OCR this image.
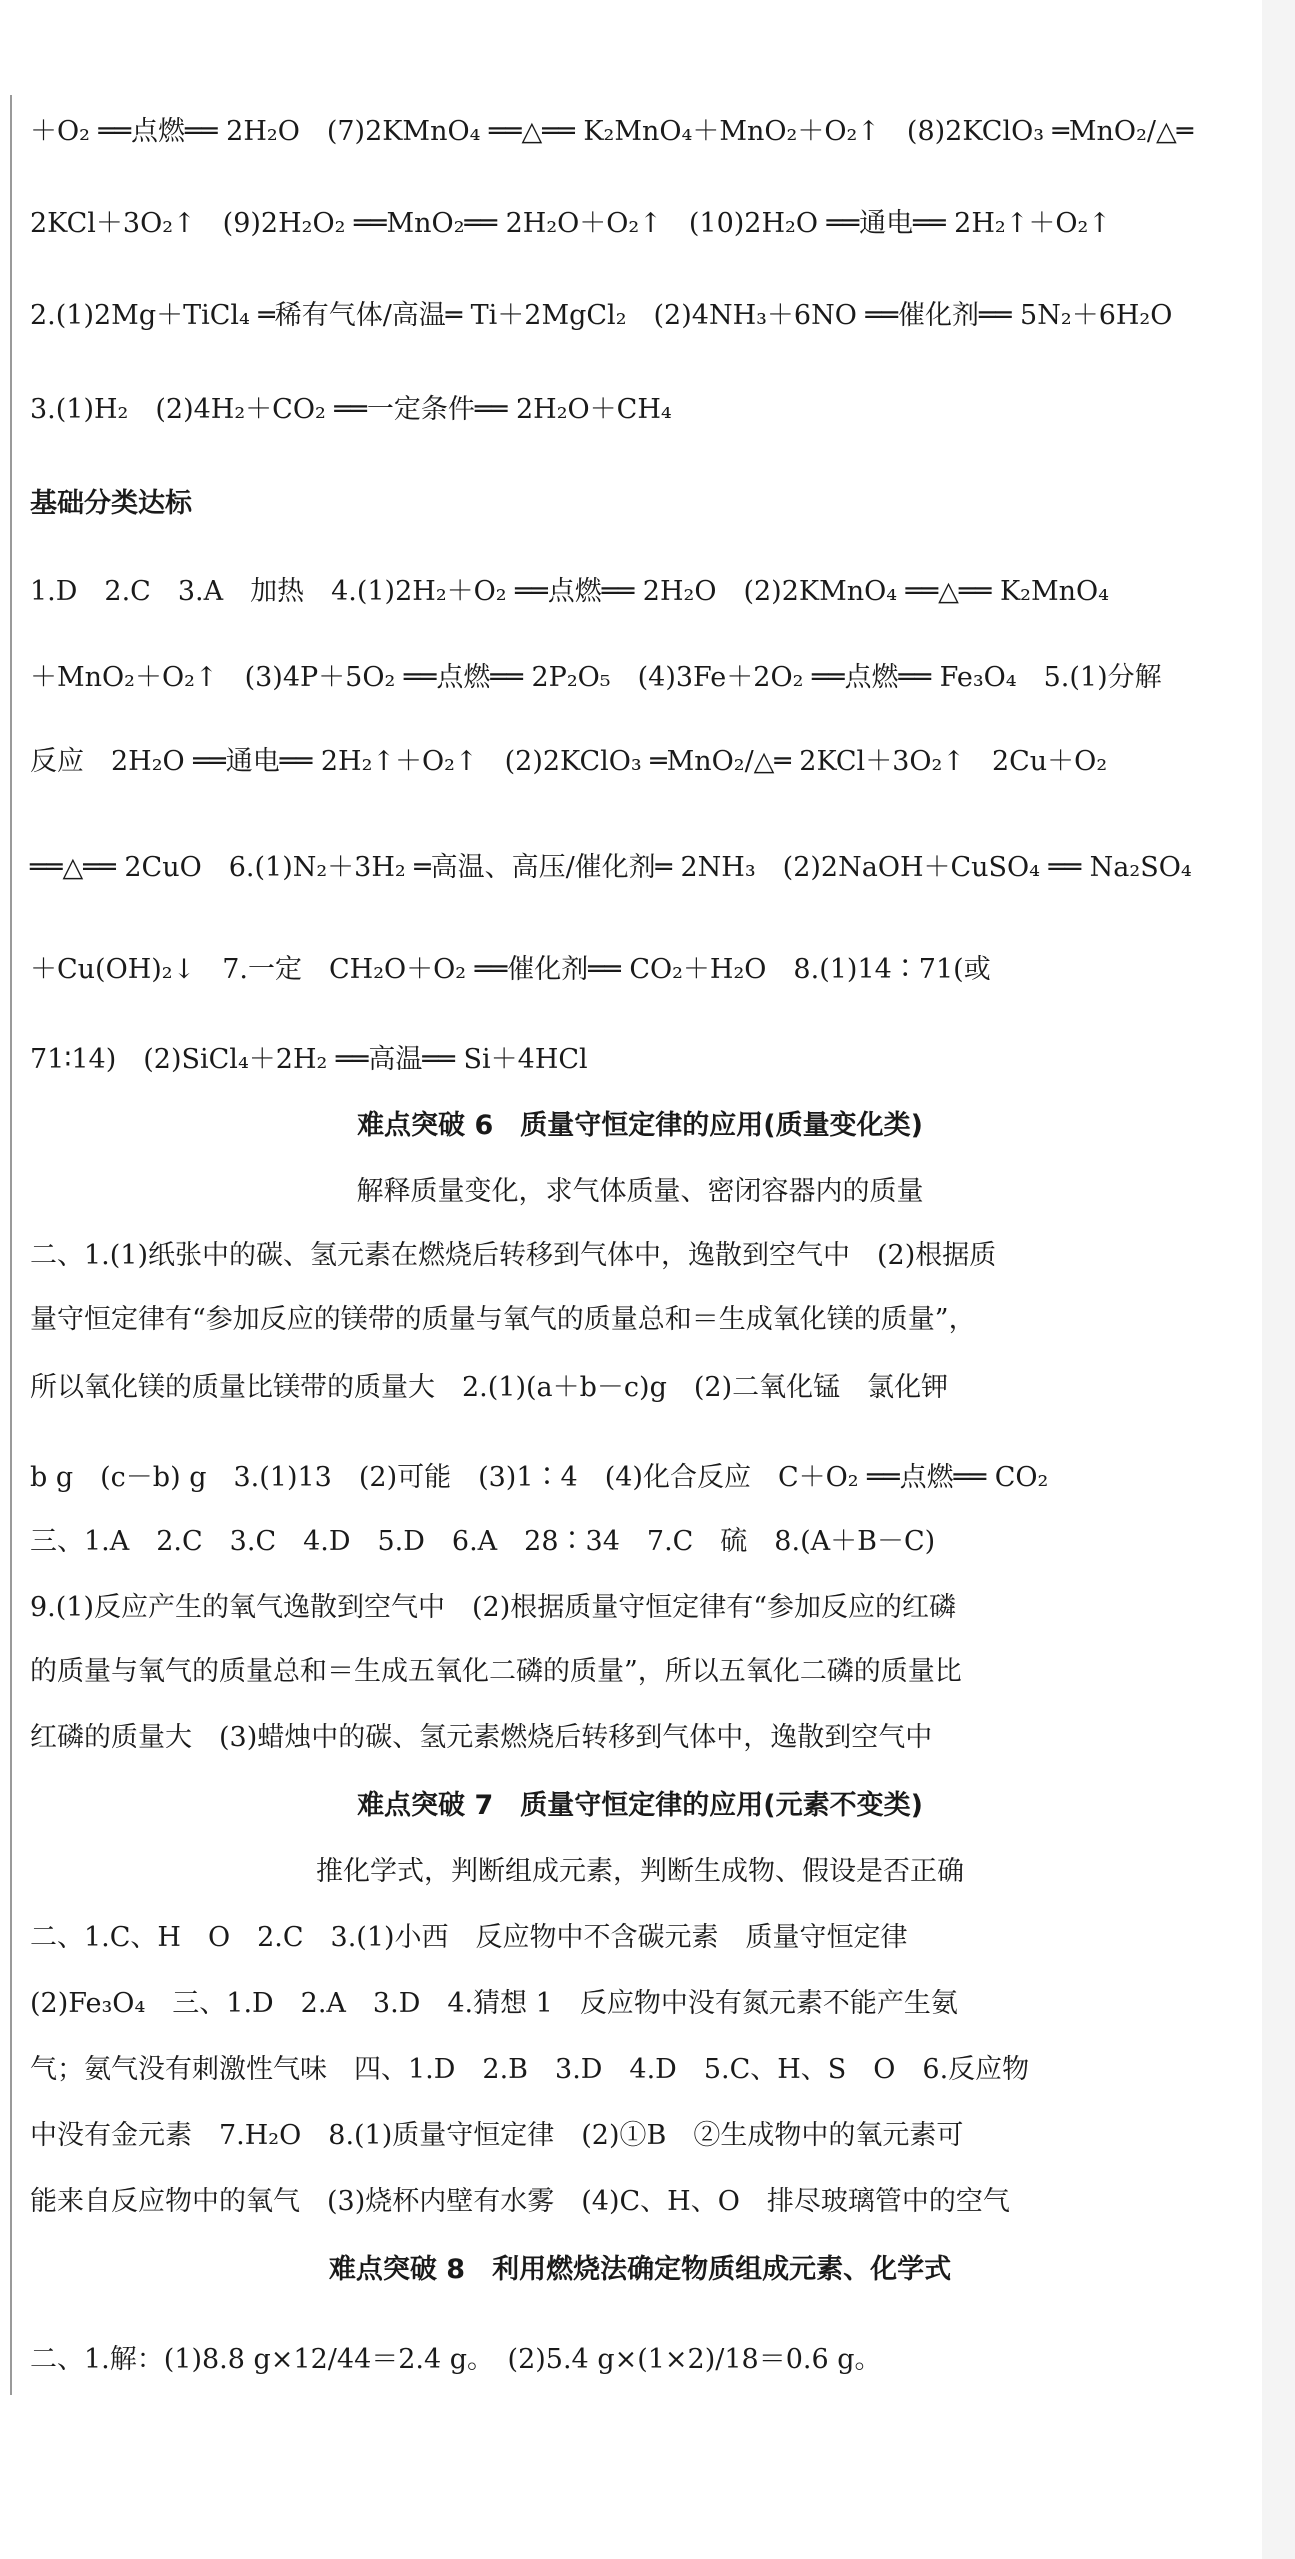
＋O₂ ══点燃══ 2H₂O　(7)2KMnO₄ ══△══ K₂MnO₄＋MnO₂＋O₂↑　(8)2KClO₃ ═MnO₂/△═
2KCl＋3O₂↑　(9)2H₂O₂ ══MnO₂══ 2H₂O＋O₂↑　(10)2H₂O ══通电══ 2H₂↑＋O₂↑
2.(1)2Mg＋TiCl₄ ═稀有气体/高温═ Ti＋2MgCl₂　(2)4NH₃＋6NO ══催化剂══ 5N₂＋6H₂O
3.(1)H₂　(2)4H₂＋CO₂ ══一定条件══ 2H₂O＋CH₄
基础分类达标
1.D　2.C　3.A　加热　4.(1)2H₂＋O₂ ══点燃══ 2H₂O　(2)2KMnO₄ ══△══ K₂MnO₄
＋MnO₂＋O₂↑　(3)4P＋5O₂ ══点燃══ 2P₂O₅　(4)3Fe＋2O₂ ══点燃══ Fe₃O₄　5.(1)分解
反应　2H₂O ══通电══ 2H₂↑＋O₂↑　(2)2KClO₃ ═MnO₂/△═ 2KCl＋3O₂↑　2Cu＋O₂
══△══ 2CuO　6.(1)N₂＋3H₂ ═高温、高压/催化剂═ 2NH₃　(2)2NaOH＋CuSO₄ ══ Na₂SO₄
＋Cu(OH)₂↓　7.一定　CH₂O＋O₂ ══催化剂══ CO₂＋H₂O　8.(1)14∶71(或
71∶14)　(2)SiCl₄＋2H₂ ══高温══ Si＋4HCl
难点突破 6　质量守恒定律的应用(质量变化类)
解释质量变化，求气体质量、密闭容器内的质量
二、1.(1)纸张中的碳、氢元素在燃烧后转移到气体中，逸散到空气中　(2)根据质
量守恒定律有“参加反应的镁带的质量与氧气的质量总和＝生成氧化镁的质量”，
所以氧化镁的质量比镁带的质量大　2.(1)(a＋b－c)g　(2)二氧化锰　氯化钾
b g　(c－b) g　3.(1)13　(2)可能　(3)1∶4　(4)化合反应　C＋O₂ ══点燃══ CO₂
三、1.A　2.C　3.C　4.D　5.D　6.A　28∶34　7.C　硫　8.(A＋B－C)
9.(1)反应产生的氧气逸散到空气中　(2)根据质量守恒定律有“参加反应的红磷
的质量与氧气的质量总和＝生成五氧化二磷的质量”，所以五氧化二磷的质量比
红磷的质量大　(3)蜡烛中的碳、氢元素燃烧后转移到气体中，逸散到空气中
难点突破 7　质量守恒定律的应用(元素不变类)
推化学式，判断组成元素，判断生成物、假设是否正确
二、1.C、H　O　2.C　3.(1)小西　反应物中不含碳元素　质量守恒定律
(2)Fe₃O₄　三、1.D　2.A　3.D　4.猜想 1　反应物中没有氮元素不能产生氨
气；氨气没有刺激性气味　四、1.D　2.B　3.D　4.D　5.C、H、S　O　6.反应物
中没有金元素　7.H₂O　8.(1)质量守恒定律　(2)①B　②生成物中的氧元素可
能来自反应物中的氧气　(3)烧杯内壁有水雾　(4)C、H、O　排尽玻璃管中的空气
难点突破 8　利用燃烧法确定物质组成元素、化学式
二、1.解：(1)8.8 g×12/44＝2.4 g。　(2)5.4 g×(1×2)/18＝0.6 g。
